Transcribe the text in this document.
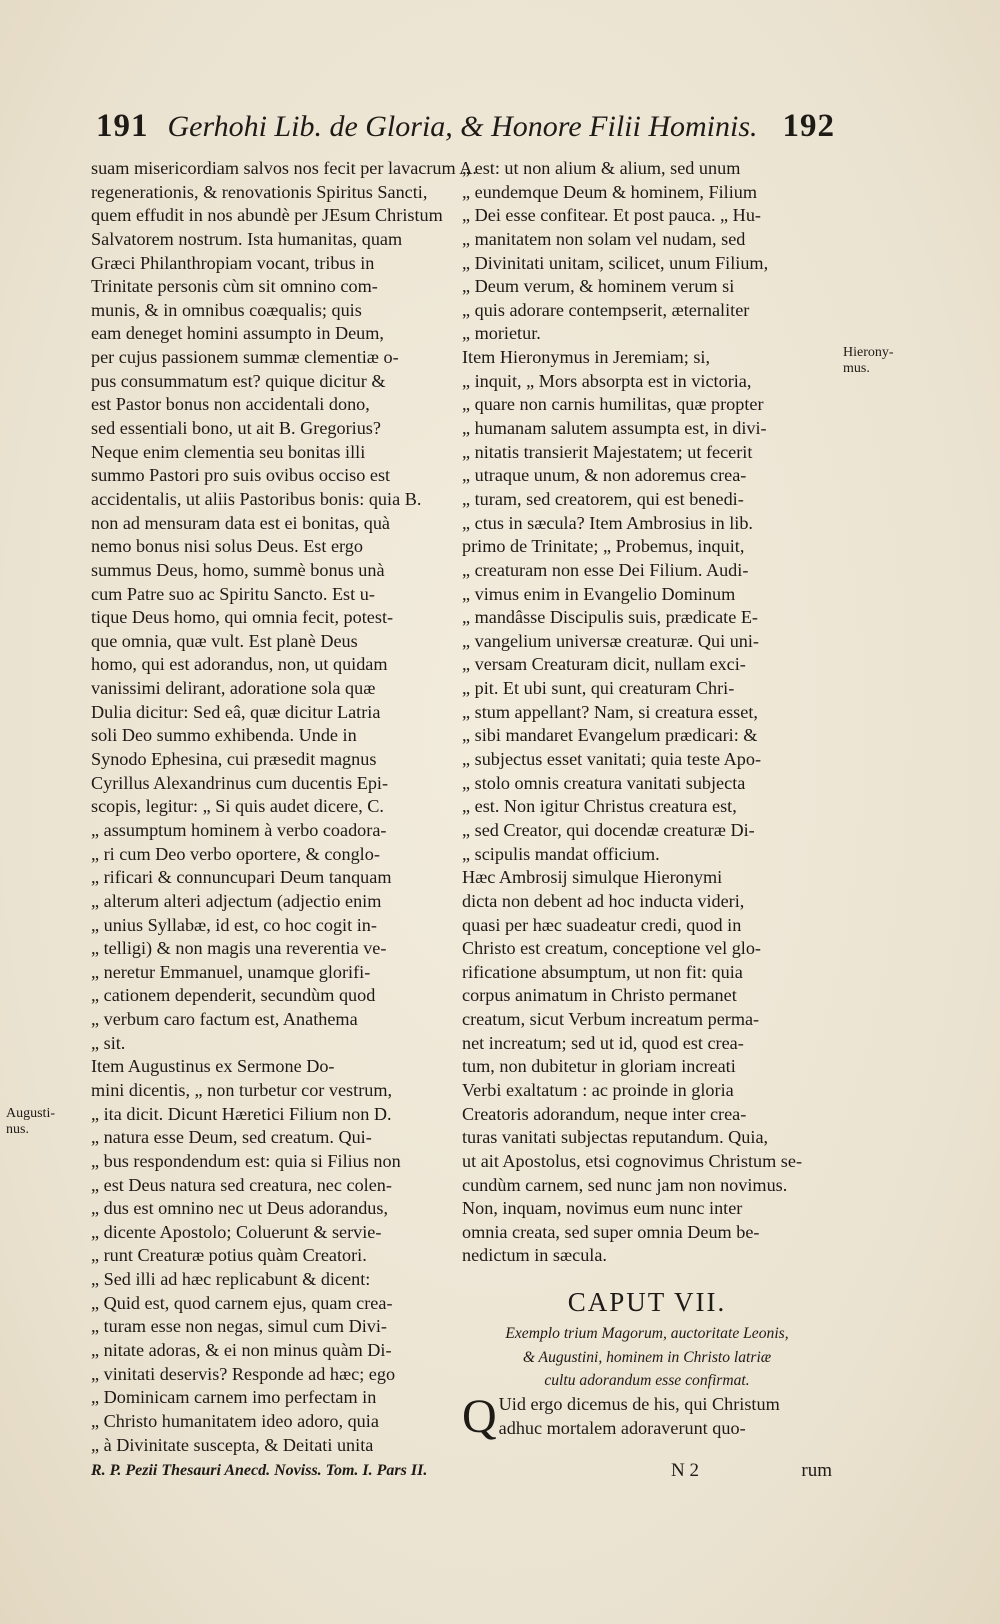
191 Gerhohi Lib. de Gloria, & Honore Filii Hominis. 192
suam misericordiam salvos nos fecit per lavacrum A.
regenerationis, & renovationis Spiritus Sancti,
quem effudit in nos abundè per JEsum Christum
Salvatorem nostrum. Ista humanitas, quam
Græci Philanthropiam vocant, tribus in
Trinitate personis cùm sit omnino com-
munis, & in omnibus coæqualis; quis
eam deneget homini assumpto in Deum,
per cujus passionem summæ clementiæ o-
pus consummatum est? quique dicitur &
est Pastor bonus non accidentali dono,
sed essentiali bono, ut ait B. Gregorius?
Neque enim clementia seu bonitas illi
summo Pastori pro suis ovibus occiso est
accidentalis, ut aliis Pastoribus bonis: quia B.
non ad mensuram data est ei bonitas, quà
nemo bonus nisi solus Deus. Est ergo
summus Deus, homo, summè bonus unà
cum Patre suo ac Spiritu Sancto. Est u-
tique Deus homo, qui omnia fecit, potest-
que omnia, quæ vult. Est planè Deus
homo, qui est adorandus, non, ut quidam
vanissimi delirant, adoratione sola quæ
Dulia dicitur: Sed eâ, quæ dicitur Latria
soli Deo summo exhibenda. Unde in
Synodo Ephesina, cui præsedit magnus
Cyrillus Alexandrinus cum ducentis Epi-
scopis, legitur: „ Si quis audet dicere, C.
„ assumptum hominem à verbo coadora-
„ ri cum Deo verbo oportere, & conglo-
„ rificari & connuncupari Deum tanquam
„ alterum alteri adjectum (adjectio enim
„ unius Syllabæ, id est, co hoc cogit in-
„ telligi) & non magis una reverentia ve-
„ neretur Emmanuel, unamque glorifi-
„ cationem dependerit, secundùm quod
„ verbum caro factum est, Anathema
„ sit.
Item Augustinus ex Sermone Do-
mini dicentis, „ non turbetur cor vestrum,
„ ita dicit. Dicunt Hæretici Filium non D.
„ natura esse Deum, sed creatum. Qui-
„ bus respondendum est: quia si Filius non
„ est Deus natura sed creatura, nec colen-
„ dus est omnino nec ut Deus adorandus,
„ dicente Apostolo; Coluerunt & servie-
„ runt Creaturæ potius quàm Creatori.
„ Sed illi ad hæc replicabunt & dicent:
„ Quid est, quod carnem ejus, quam crea-
„ turam esse non negas, simul cum Divi-
„ nitate adoras, & ei non minus quàm Di-
„ vinitati deservis? Responde ad hæc; ego
„ Dominicam carnem imo perfectam in
„ Christo humanitatem ideo adoro, quia
„ à Divinitate suscepta, & Deitati unita
„ est: ut non alium & alium, sed unum
„ eundemque Deum & hominem, Filium
„ Dei esse confitear. Et post pauca. „ Hu-
„ manitatem non solam vel nudam, sed
„ Divinitati unitam, scilicet, unum Filium,
„ Deum verum, & hominem verum si
„ quis adorare contempserit, æternaliter
„ morietur.
Item Hieronymus in Jeremiam; si,
„ inquit, „ Mors absorpta est in victoria,
„ quare non carnis humilitas, quæ propter
„ humanam salutem assumpta est, in divi-
„ nitatis transierit Majestatem; ut fecerit
„ utraque unum, & non adoremus crea-
„ turam, sed creatorem, qui est benedi-
„ ctus in sæcula? Item Ambrosius in lib.
primo de Trinitate; „ Probemus, inquit,
„ creaturam non esse Dei Filium. Audi-
„ vimus enim in Evangelio Dominum
„ mandâsse Discipulis suis, prædicate E-
„ vangelium universæ creaturæ. Qui uni-
„ versam Creaturam dicit, nullam exci-
„ pit. Et ubi sunt, qui creaturam Chri-
„ stum appellant? Nam, si creatura esset,
„ sibi mandaret Evangelum prædicari: &
„ subjectus esset vanitati; quia teste Apo-
„ stolo omnis creatura vanitati subjecta
„ est. Non igitur Christus creatura est,
„ sed Creator, qui docendæ creaturæ Di-
„ scipulis mandat officium.
Hæc Ambrosij simulque Hieronymi
dicta non debent ad hoc inducta videri,
quasi per hæc suadeatur credi, quod in
Christo est creatum, conceptione vel glo-
rificatione absumptum, ut non fit: quia
corpus animatum in Christo permanet
creatum, sicut Verbum increatum perma-
net increatum; sed ut id, quod est crea-
tum, non dubitetur in gloriam increati
Verbi exaltatum : ac proinde in gloria
Creatoris adorandum, neque inter crea-
turas vanitati subjectas reputandum. Quia,
ut ait Apostolus, etsi cognovimus Christum se-
cundùm carnem, sed nunc jam non novimus.
Non, inquam, novimus eum nunc inter
omnia creata, sed super omnia Deum be-
nedictum in sæcula.
CAPUT VII.
Exemplo trium Magorum, auctoritate Leonis,
& Augustini, hominem in Christo latriæ
cultu adorandum esse confirmat.
Q Uid ergo dicemus de his, qui Christum
adhuc mortalem adoraverunt quo-
Hierony-
mus.
Augusti-
nus.
R. P. Pezii Thesauri Anecd. Noviss. Tom. I. Pars II.	N 2	rum
